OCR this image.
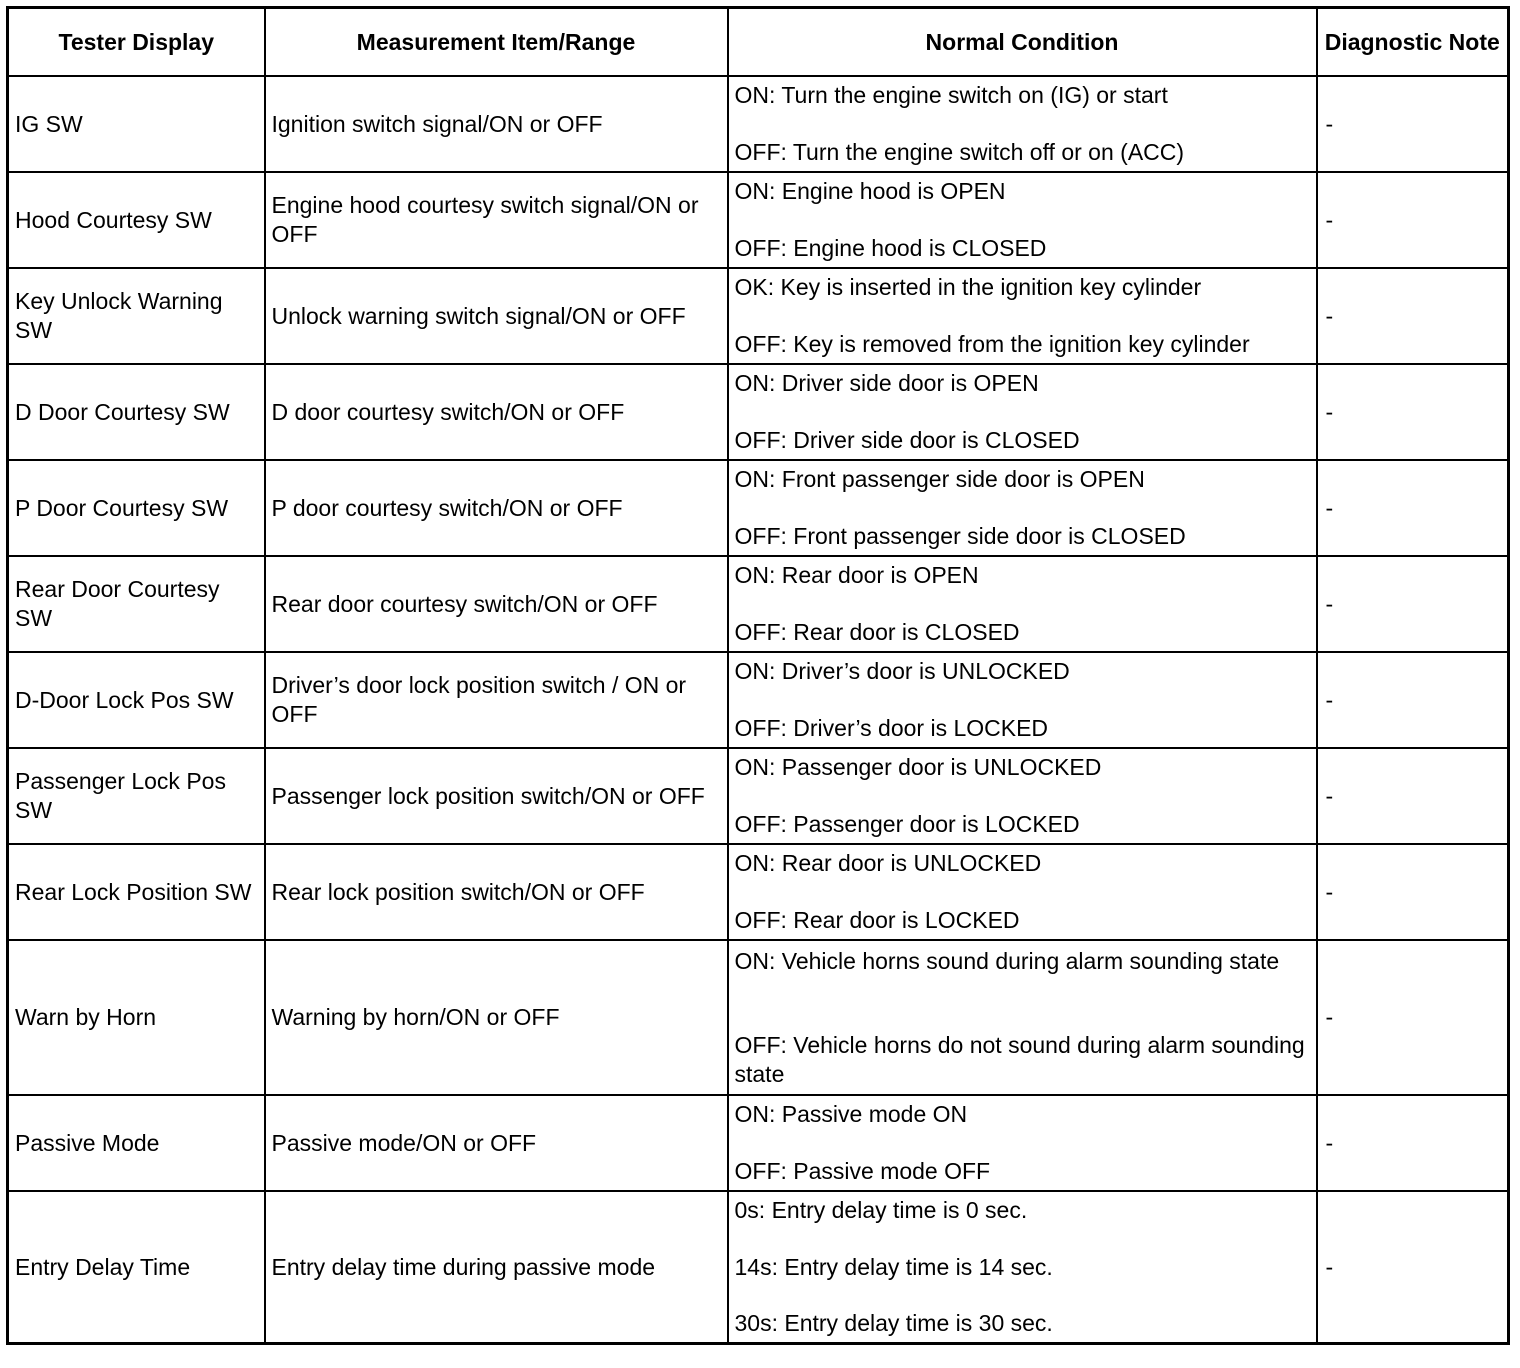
Tester Display	Measurement Item/Range	Normal Condition	Diagnostic Note
IG SW	Ignition switch signal/ON or OFF	ON: Turn the engine switch on (IG) or start
OFF: Turn the engine switch off or on (ACC)	-
Hood Courtesy SW	Engine hood courtesy switch signal/ON or OFF	ON: Engine hood is OPEN
OFF: Engine hood is CLOSED	-
Key Unlock Warning SW	Unlock warning switch signal/ON or OFF	OK: Key is inserted in the ignition key cylinder
OFF: Key is removed from the ignition key cylinder	-
D Door Courtesy SW	D door courtesy switch/ON or OFF	ON: Driver side door is OPEN
OFF: Driver side door is CLOSED	-
P Door Courtesy SW	P door courtesy switch/ON or OFF	ON: Front passenger side door is OPEN
OFF: Front passenger side door is CLOSED	-
Rear Door Courtesy SW	Rear door courtesy switch/ON or OFF	ON: Rear door is OPEN
OFF: Rear door is CLOSED	-
D-Door Lock Pos SW	Driver’s door lock position switch / ON or OFF	ON: Driver’s door is UNLOCKED
OFF: Driver’s door is LOCKED	-
Passenger Lock Pos SW	Passenger lock position switch/ON or OFF	ON: Passenger door is UNLOCKED
OFF: Passenger door is LOCKED	-
Rear Lock Position SW	Rear lock position switch/ON or OFF	ON: Rear door is UNLOCKED
OFF: Rear door is LOCKED	-
Warn by Horn	Warning by horn/ON or OFF	ON: Vehicle horns sound during alarm sounding state
OFF: Vehicle horns do not sound during alarm sounding state	-
Passive Mode	Passive mode/ON or OFF	ON: Passive mode ON
OFF: Passive mode OFF	-
Entry Delay Time	Entry delay time during passive mode	0s: Entry delay time is 0 sec.
14s: Entry delay time is 14 sec.
30s: Entry delay time is 30 sec.	-
